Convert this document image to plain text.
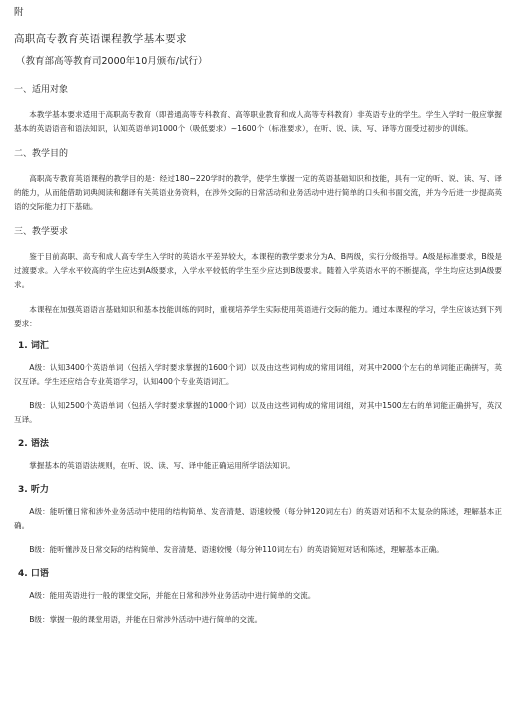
附
高职高专教育英语课程教学基本要求
（教育部高等教育司2000年10月颁布/试行）
一、适用对象

本教学基本要求适用于高职高专教育（即普通高等专科教育、高等职业教育和成人高等专科教育）非英语专业的学生。学生入学时一般应掌握基本的英语语音和语法知识，认知英语单词1000个（吸低要求）~1600个（标准要求），在听、说、读、写、译等方面受过初步的训练。

二、教学目的

高职高专教育英语课程的教学目的是：经过180~220学时的教学，使学生掌握一定的英语基础知识和技能，具有一定的听、说、读、写、译的能力，从而能借助词典阅读和翻译有关英语业务资料，在涉外交际的日常活动和业务活动中进行简单的口头和书面交流，并为今后进一步提高英语的交际能力打下基础。

三、教学要求

鉴于目前高职、高专和成人高专学生入学时的英语水平差异较大，本课程的教学要求分为A、B两级，实行分级指导。A级是标准要求，B级是过渡要求。入学水平较高的学生应达到A级要求，入学水平较低的学生至少应达到B级要求。随着入学英语水平的不断提高，学生均应达到A级要求。

本课程在加强英语语言基础知识和基本技能训练的同时，重视培养学生实际使用英语进行交际的能力。通过本课程的学习，学生应该达到下列要求：

1. 词汇

A级：认知3400个英语单词（包括入学时要求掌握的1600个词）以及由这些词构成的常用词组，对其中2000个左右的单词能正确拼写，英汉互译。学生还应结合专业英语学习，认知400个专业英语词汇。

B级：认知2500个英语单词（包括入学时要求掌握的1000个词）以及由这些词构成的常用词组，对其中1500左右的单词能正确拼写，英汉互译。

2. 语法

掌握基本的英语语法规则，在听、说、读、写、译中能正确运用所学语法知识。

3. 听力

A级：能听懂日常和涉外业务活动中使用的结构简单、发音清楚、语速较慢（每分钟120词左右）的英语对话和不太复杂的陈述，理解基本正确。

B级：能听懂涉及日常交际的结构简单、发音清楚、语速较慢（每分钟110词左右）的英语简短对话和陈述，理解基本正确。

4. 口语

A级：能用英语进行一般的课堂交际，并能在日常和涉外业务活动中进行简单的交流。

B级：掌握一般的课堂用语，并能在日常涉外活动中进行简单的交流。
